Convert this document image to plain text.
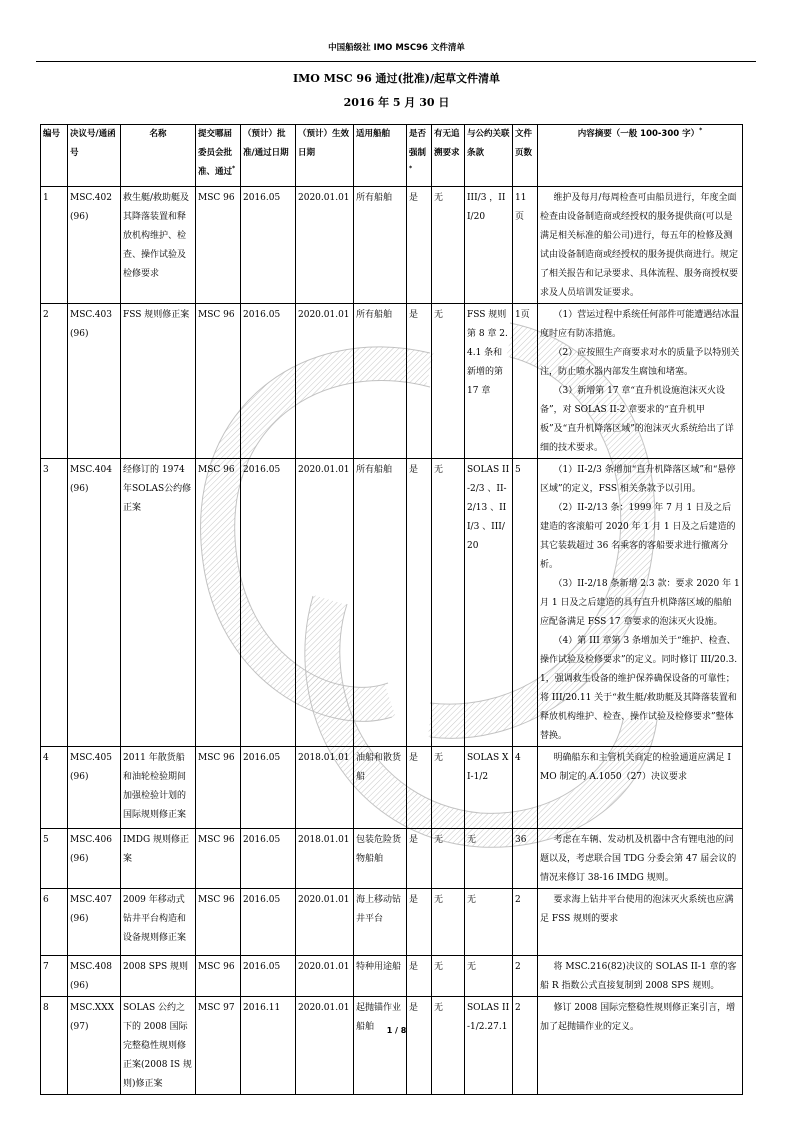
中国船级社 IMO MSC96 文件清单
IMO MSC 96 通过(批准)/起草文件清单
2016 年 5 月 30 日
编号	决议号/通函号	名称	提交哪届委员会批准、通过*	（预计）批准/通过日期	（预计）生效日期	适用船舶	是否强制*	有无追溯要求	与公约关联条款	文件页数	内容摘要（一般 100-300 字）*
1	MSC.402(96)	救生艇/救助艇及其降落装置和释放机构维护、检查、操作试验及检修要求	MSC 96	2016.05	2020.01.01	所有船舶	是	无	III/3 ，III/20	11页	维护及每月/每周检查可由船员进行，年度全面检查由设备制造商或经授权的服务提供商(可以是满足相关标准的船公司)进行，每五年的检修及测试由设备制造商或经授权的服务提供商进行。规定了相关报告和记录要求、具体流程、服务商授权要求及人员培训发证要求。

2	MSC.403(96)	FSS 规则修正案	MSC 96	2016.05	2020.01.01	所有船舶	是	无	FSS 规则第 8 章 2.4.1 条和新增的第 17 章	1页	（1）营运过程中系统任何部件可能遭遇结冰温度时应有防冻措施。

（2）应按照生产商要求对水的质量予以特别关注，防止喷水器内部发生腐蚀和堵塞。

（3）新增第 17 章“直升机设施泡沫灭火设备”，对 SOLAS II-2 章要求的“直升机甲板”及“直升机降落区域”的泡沫灭火系统给出了详细的技术要求。

3	MSC.404(96)	经修订的 1974 年SOLAS公约修正案	MSC 96	2016.05	2020.01.01	所有船舶	是	无	SOLAS II-2/3 、II-2/13 、III/3 、III/20	5	（1）II-2/3 条增加“直升机降落区域”和“悬停区域”的定义，FSS 相关条款予以引用。

（2）II-2/13 条：1999 年 7 月 1 日及之后建造的客滚船可 2020 年 1 月 1 日及之后建造的其它装载超过 36 名乘客的客船要求进行撤离分析。

（3）II-2/18 条新增 2.3 款：要求 2020 年 1 月 1 日及之后建造的具有直升机降落区域的船舶应配备满足 FSS 17 章要求的泡沫灭火设施。

（4）第 III 章第 3 条增加关于“维护、检查、操作试验及检修要求”的定义。同时修订 III/20.3.1，强调救生设备的维护保养确保设备的可靠性；将 III/20.11 关于“救生艇/救助艇及其降落装置和释放机构维护、检查、操作试验及检修要求”整体替换。

4	MSC.405(96)	2011 年散货船和油轮检验期间加强检验计划的国际规则修正案	MSC 96	2016.05	2018.01.01	油船和散货船	是	无	SOLAS XI-1/2	4	明确船东和主管机关商定的检验通道应满足 IMO 制定的 A.1050（27）决议要求

5	MSC.406(96)	IMDG 规则修正案	MSC 96	2016.05	2018.01.01	包装危险货物船舶	是	无	无	36	考虑在车辆、发动机及机器中含有锂电池的问题以及，考虑联合国 TDG 分委会第 47 届会议的情况来修订 38-16 IMDG 规则。

6	MSC.407(96)	2009 年移动式钻井平台构造和设备规则修正案	MSC 96	2016.05	2020.01.01	海上移动钻井平台	是	无	无	2	要求海上钻井平台使用的泡沫灭火系统也应满足 FSS 规则的要求

7	MSC.408(96)	2008 SPS 规则	MSC 96	2016.05	2020.01.01	特种用途船	是	无	无	2	将 MSC.216(82)决议的 SOLAS II-1 章的客船 R 指数公式直接复制到 2008 SPS 规则。

8	MSC.XXX(97)	SOLAS 公约之下的 2008 国际完整稳性规则修正案(2008 IS 规则)修正案	MSC 97	2016.11	2020.01.01	起抛锚作业船舶	是	无	SOLAS II-1/2.27.1	2	修订 2008 国际完整稳性规则修正案引言，增加了起抛锚作业的定义。

1 / 8
